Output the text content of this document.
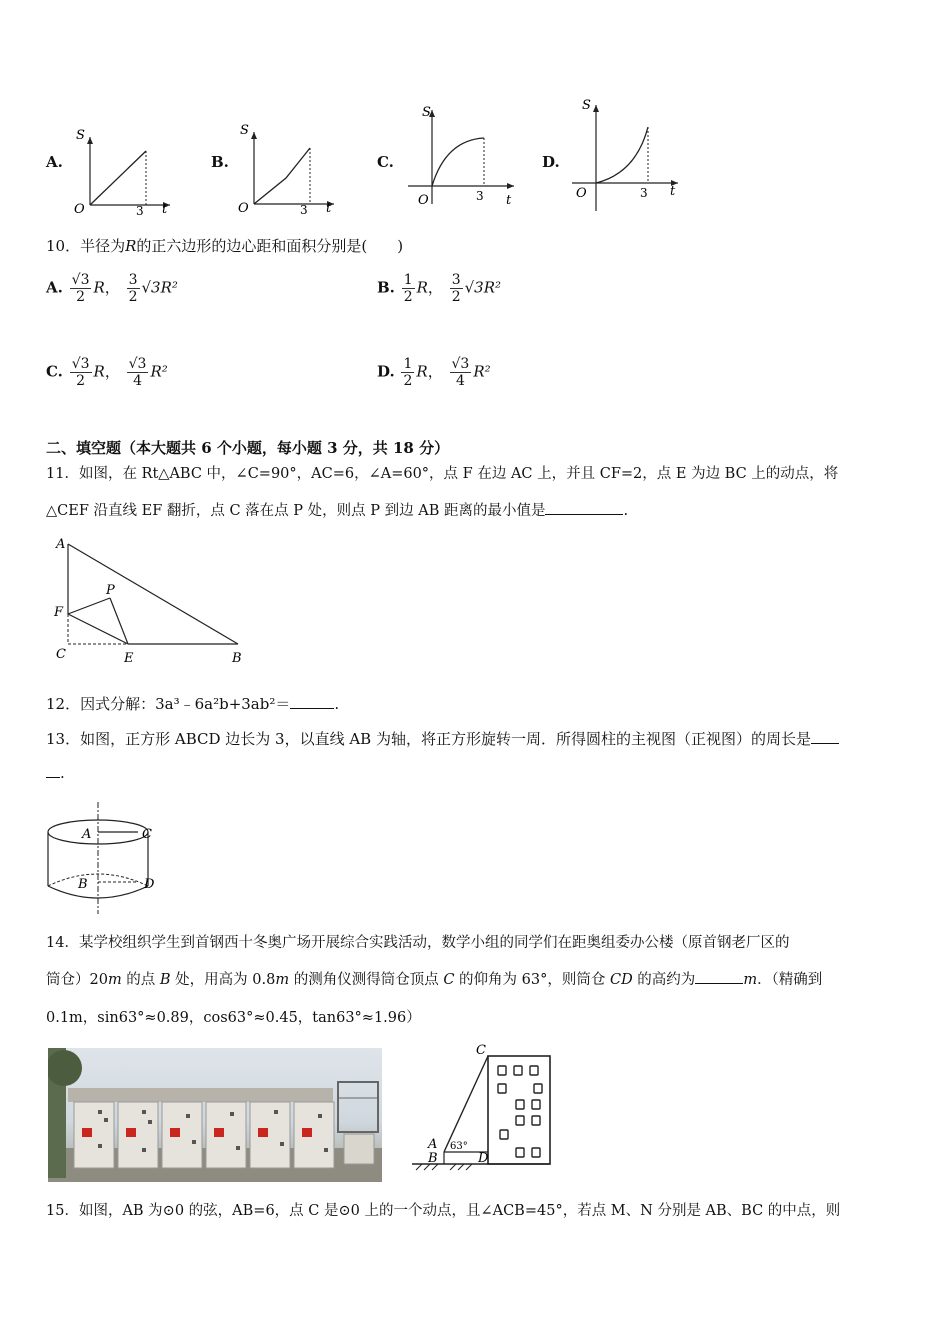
A.
S
t
O	3
B.
S
t
O	3
C.
S
t
O	3
D.
S
t
O	3
10．半径为R的正六边形的边心距和面积分别是(　　)
A. $\frac{√3}{2}$ R， $\frac{3}{2} √3R^2$	B. $\frac{1}{2}$ R， $\frac{3}{2} √3R^2$
C. $\frac{√3}{2}$ R， $\frac{√3}{4} R^2$	D. $\frac{1}{2}$ R， $\frac{√3}{4} R^2$
二、填空题（本大题共 6 个小题，每小题 3 分，共 18 分）
11．如图，在 Rt△ABC 中，∠C=90°，AC=6，∠A=60°，点 F 在边 AC 上，并且 CF=2，点 E 为边 BC 上的动点，将
△CEF 沿直线 EF 翻折，点 C 落在点 P 处，则点 P 到边 AB 距离的最小值是	.
A
F
C	E	B
P
12．因式分解：3a³﹣6a²b+3ab²＝	.
13．如图，正方形 ABCD 边长为 3，以直线 AB 为轴，将正方形旋转一周．所得圆柱的主视图（正视图）的周长是
.
A	C
B	D
14．某学校组织学生到首钢西十冬奥广场开展综合实践活动，数学小组的同学们在距奥组委办公楼（原首钢老厂区的
筒仓）20m 的点 B 处，用高为 0.8m 的测角仪测得筒仓顶点 C 的仰角为 63°，则筒仓 CD 的高约为	m．（精确到
0.1m，sin63°≈0.89，cos63°≈0.45，tan63°≈1.96）
C
A
B	D
63°
15．如图，AB 为⊙0 的弦，AB=6，点 C 是⊙0 上的一个动点，且∠ACB=45°，若点 M、N 分别是 AB、BC 的中点，则
